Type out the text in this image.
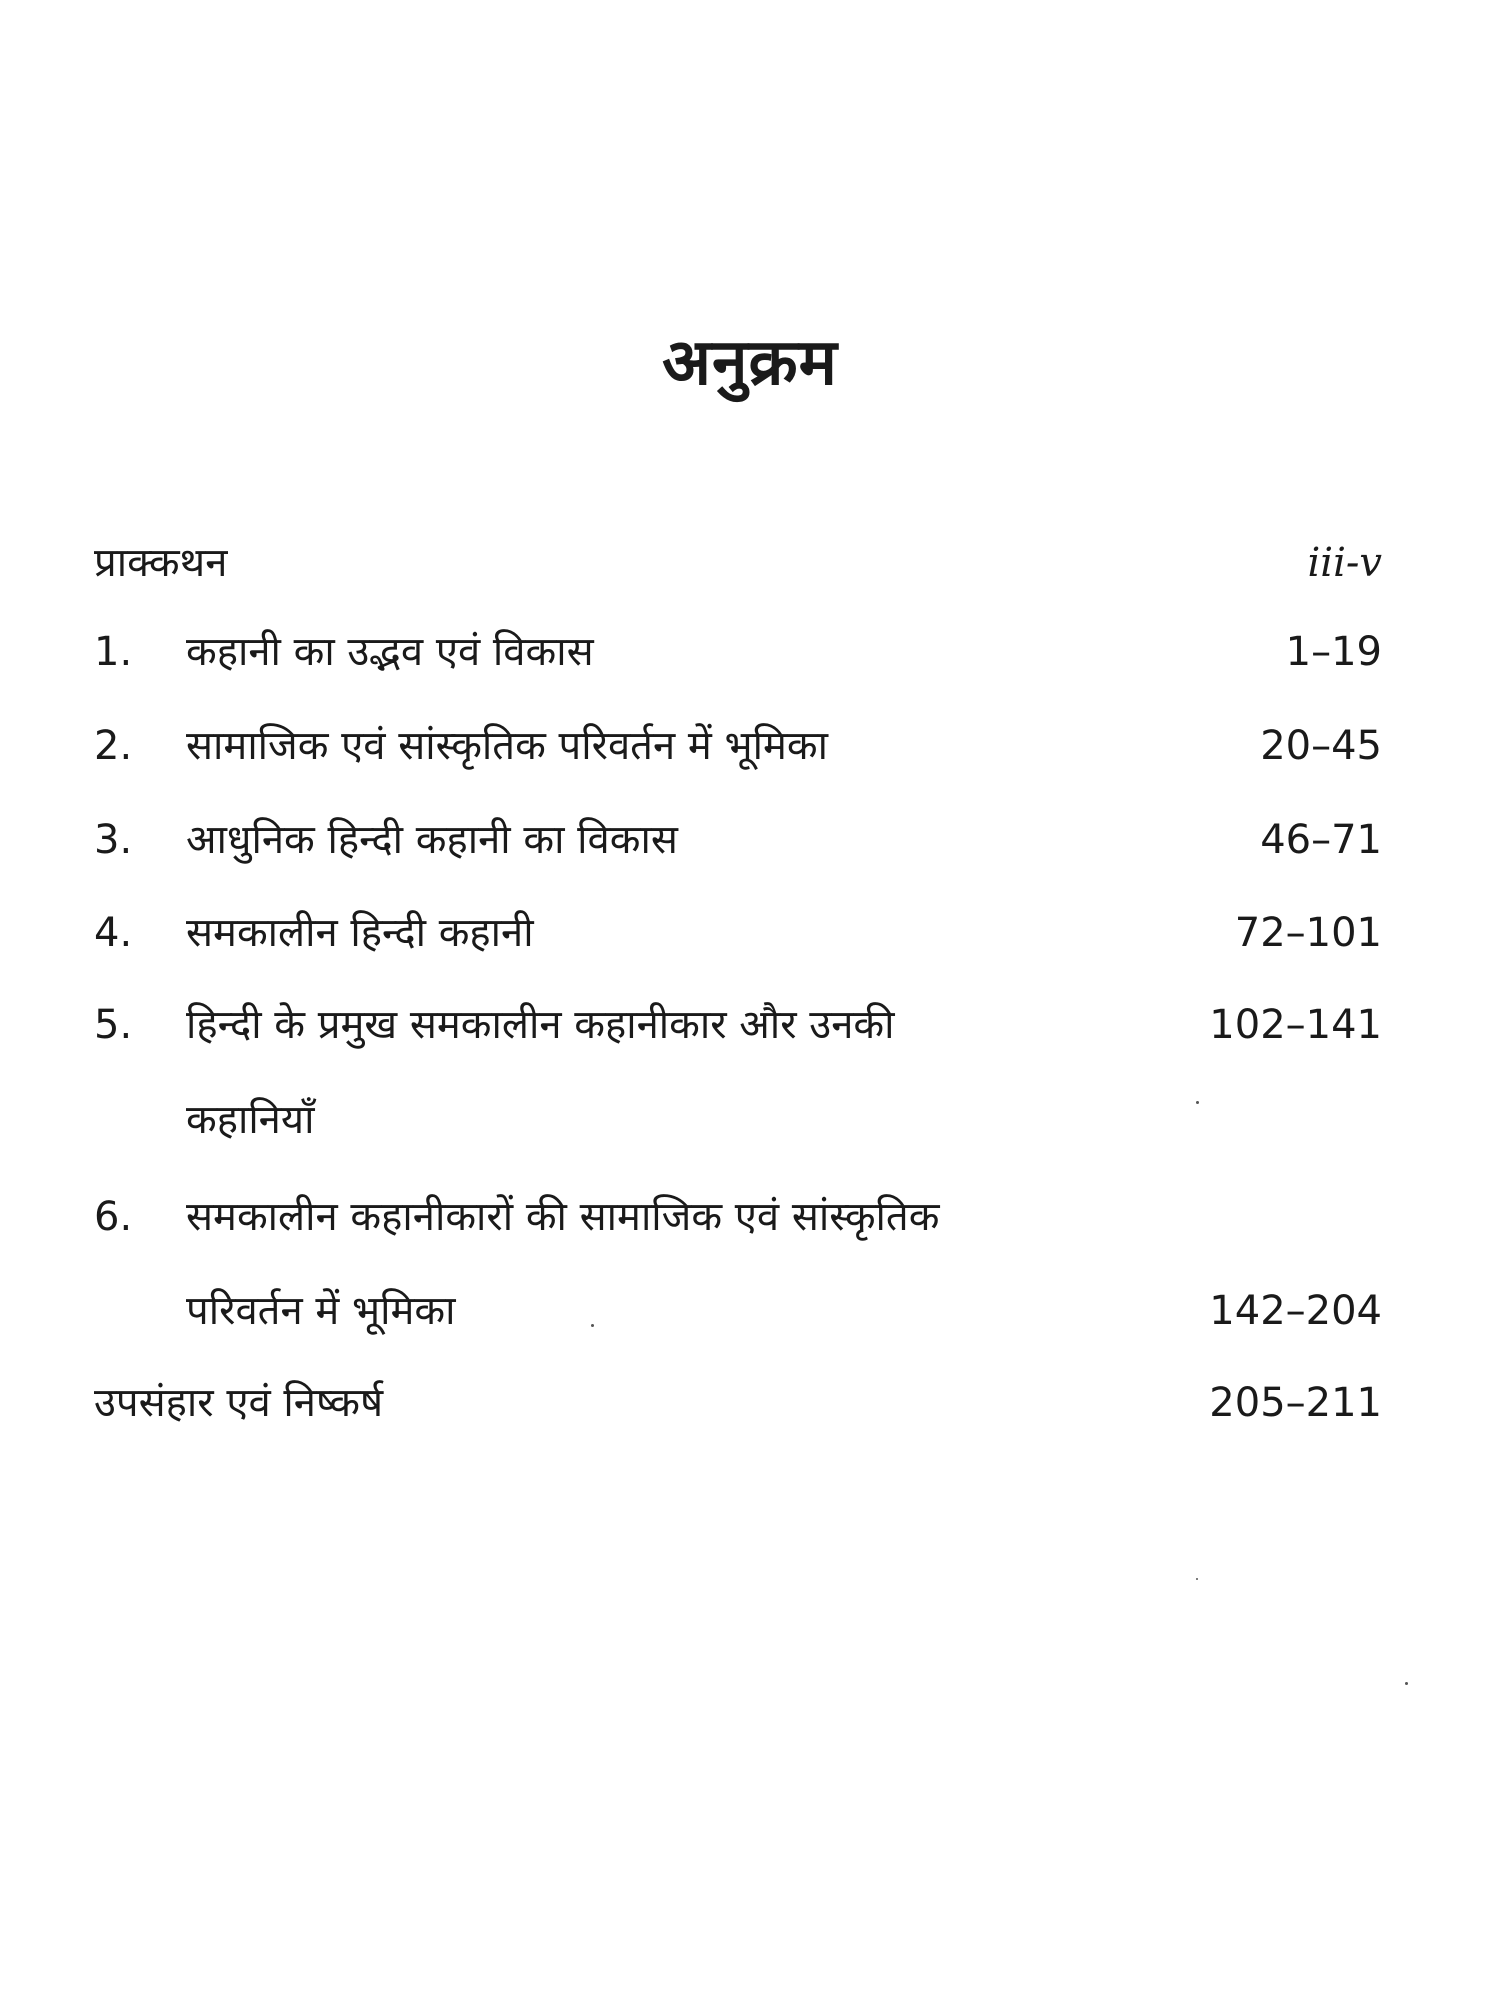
अनुक्रम
प्राक्कथन	iii-v
1.	कहानी का उद्भव एवं विकास	1–19
2.	सामाजिक एवं सांस्कृतिक परिवर्तन में भूमिका	20–45
3.	आधुनिक हिन्दी कहानी का विकास	46–71
4.	समकालीन हिन्दी कहानी	72–101
5.	हिन्दी के प्रमुख समकालीन कहानीकार और उनकी	102–141
कहानियाँ
6.	समकालीन कहानीकारों की सामाजिक एवं सांस्कृतिक
परिवर्तन में भूमिका	142–204
उपसंहार एवं निष्कर्ष	205–211
